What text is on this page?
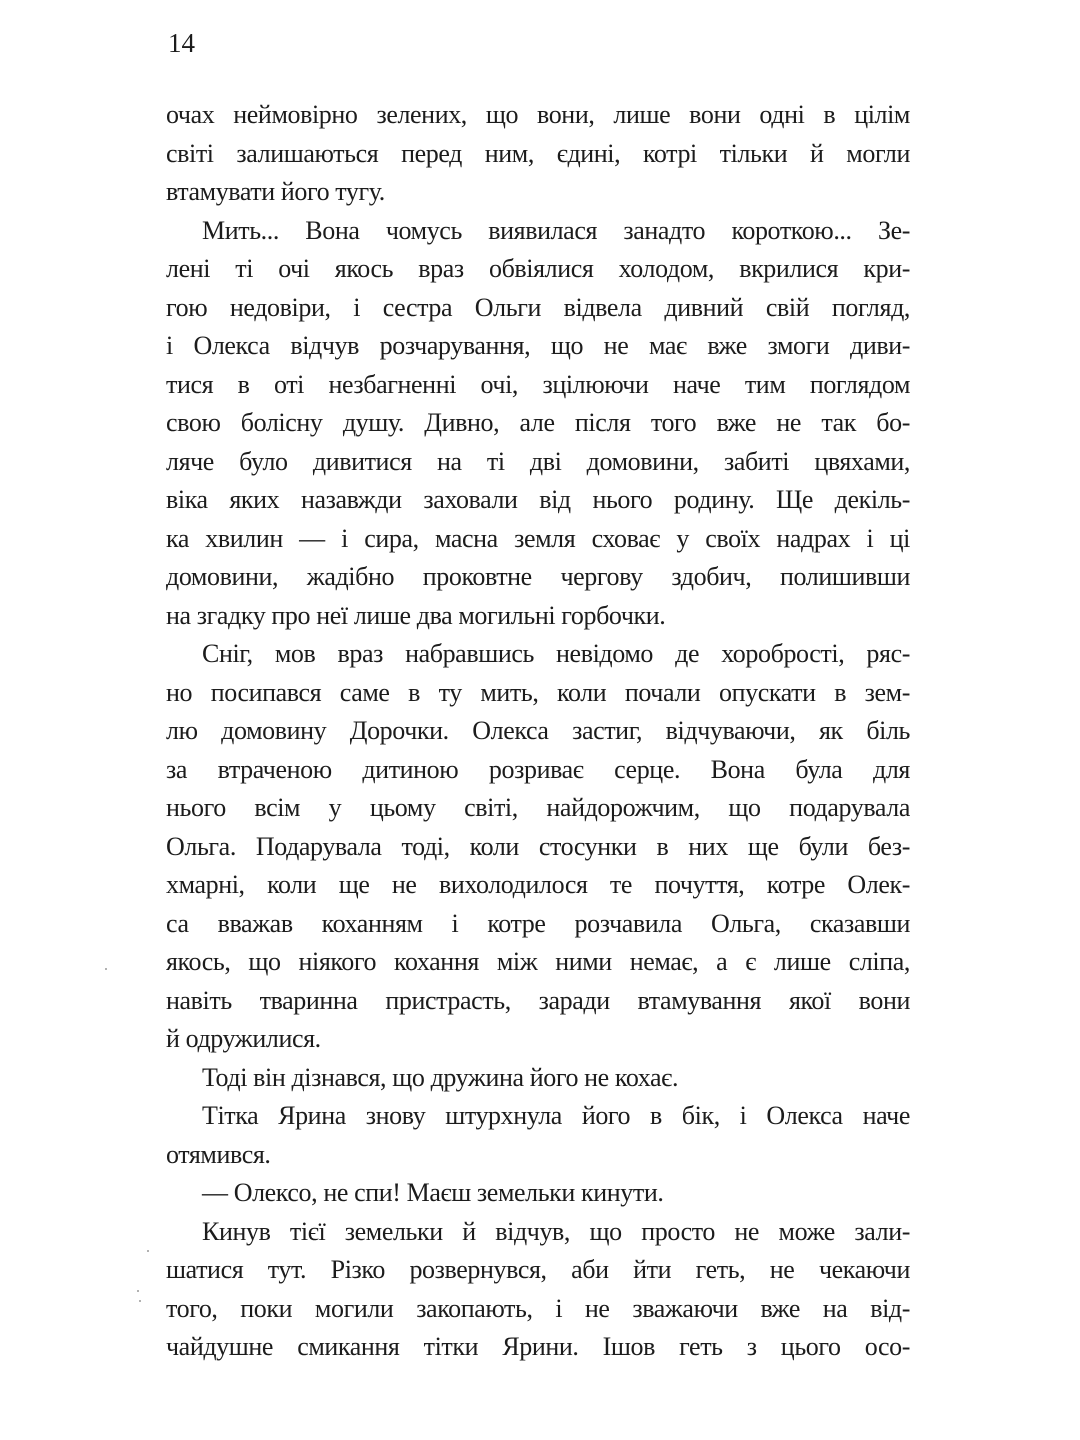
14
очах неймовірно зелених, що вони, лише вони одні в цілім
світі залишаються перед ним, єдині, котрі тільки й могли
втамувати його тугу.
Мить... Вона чомусь виявилася занадто короткою... Зе-
лені ті очі якось враз обвіялися холодом, вкрилися кри-
гою недовіри, і сестра Ольги відвела дивний свій погляд,
і Олекса відчув розчарування, що не має вже змоги диви-
тися в оті незбагненні очі, зцілюючи наче тим поглядом
свою болісну душу. Дивно, але після того вже не так бо-
ляче було дивитися на ті дві домовини, забиті цвяхами,
віка яких назавжди заховали від нього родину. Ще декіль-
ка хвилин — і сира, масна земля сховає у своїх надрах і ці
домовини, жадібно проковтне чергову здобич, полишивши
на згадку про неї лише два могильні горбочки.
Сніг, мов враз набравшись невідомо де хоробрості, ряс-
но посипався саме в ту мить, коли почали опускати в зем-
лю домовину Дорочки. Олекса застиг, відчуваючи, як біль
за втраченою дитиною розриває серце. Вона була для
нього всім у цьому світі, найдорожчим, що подарувала
Ольга. Подарувала тоді, коли стосунки в них ще були без-
хмарні, коли ще не вихолодилося те почуття, котре Олек-
са вважав коханням і котре розчавила Ольга, сказавши
якось, що ніякого кохання між ними немає, а є лише сліпа,
навіть тваринна пристрасть, заради втамування якої вони
й одружилися.
Тоді він дізнався, що дружина його не кохає.
Тітка Ярина знову штурхнула його в бік, і Олекса наче
отямився.
— Олексо, не спи! Маєш земельки кинути.
Кинув тієї земельки й відчув, що просто не може зали-
шатися тут. Різко розвернувся, аби йти геть, не чекаючи
того, поки могили закопають, і не зважаючи вже на від-
чайдушне смикання тітки Ярини. Ішов геть з цього осо-
